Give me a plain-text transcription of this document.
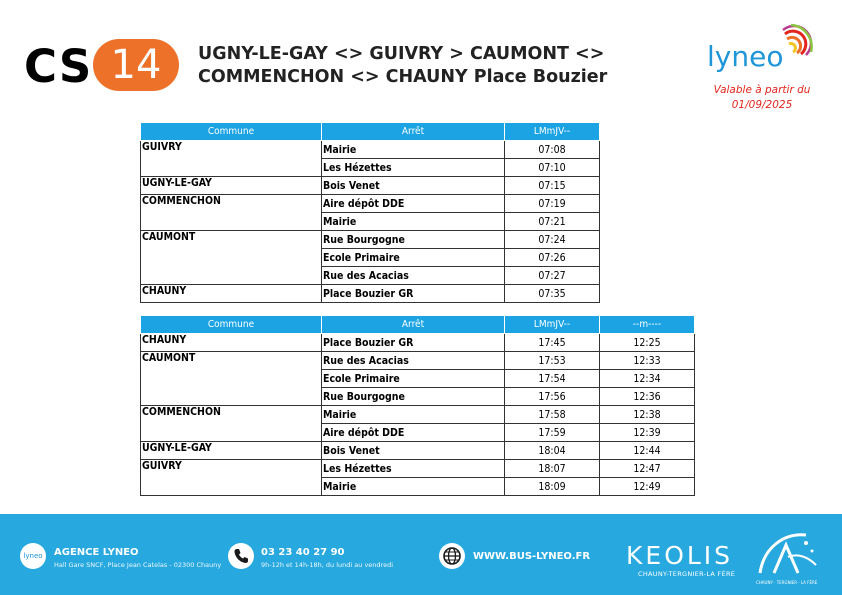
CS 14	UGNY-LE-GAY <> GUIVRY > CAUMONT <>
COMMENCHON <> CHAUNY Place Bouzier
lyneo
Valable à partir du
01/09/2025
Commune	Arrêt	LMmJV--
GUIVRY	Mairie	07:08
	Les Hézettes	07:10
UGNY-LE-GAY	Bois Venet	07:15
COMMENCHON	Aire dépôt DDE	07:19
	Mairie	07:21
CAUMONT	Rue Bourgogne	07:24
	Ecole Primaire	07:26
	Rue des Acacias	07:27
CHAUNY	Place Bouzier GR	07:35
Commune	Arrêt	LMmJV--	--m----
CHAUNY	Place Bouzier GR	17:45	12:25
CAUMONT	Rue des Acacias	17:53	12:33
	Ecole Primaire	17:54	12:34
	Rue Bourgogne	17:56	12:36
COMMENCHON	Mairie	17:58	12:38
	Aire dépôt DDE	17:59	12:39
UGNY-LE-GAY	Bois Venet	18:04	12:44
GUIVRY	Les Hézettes	18:07	12:47
	Mairie	18:09	12:49
lyneo	AGENCE LYNEO
Hall Gare SNCF, Place Jean Catelas - 02300 Chauny
03 23 40 27 90
9h-12h et 14h-18h, du lundi au vendredi
WWW.BUS-LYNEO.FR KEOLIS
CHAUNY-TERGNIER-LA FÈRE
CHAUNY · TERGNIER · LA FÈRE
